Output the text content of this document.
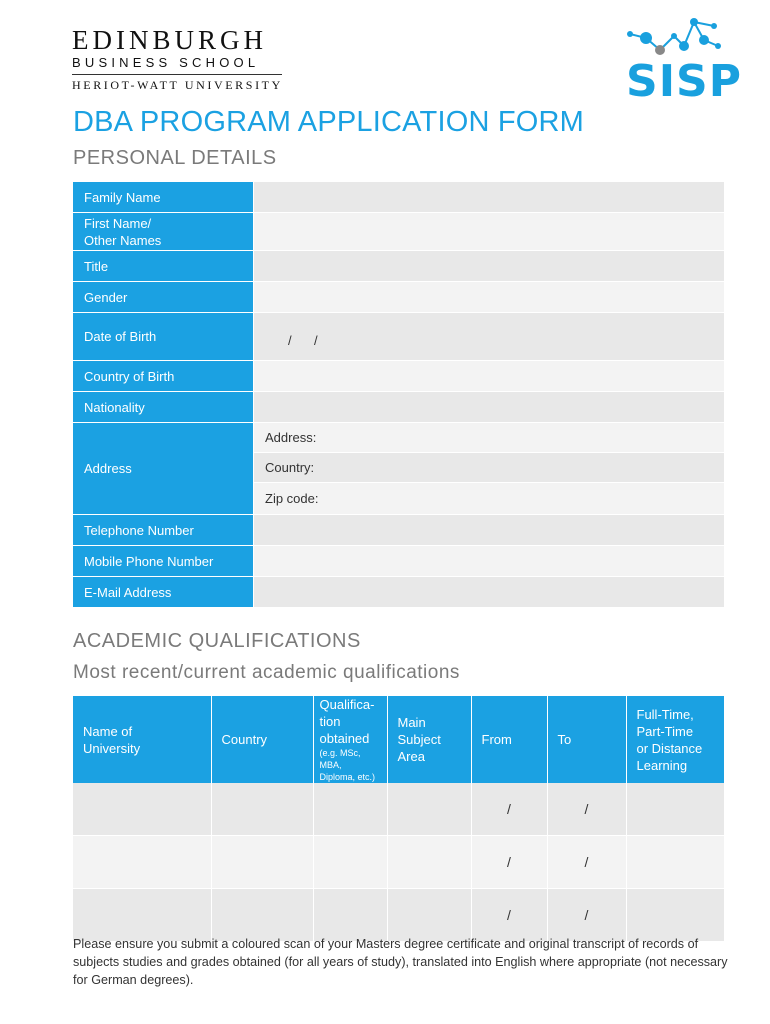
EDINBURGH
BUSINESS SCHOOL
HERIOT-WATT UNIVERSITY	SISP
DBA PROGRAM APPLICATION FORM
PERSONAL DETAILS
Family Name
First Name/
Other Names
Title
Gender
Date of Birth	/ /
Country of Birth
Nationality
Address
Address:
Country:
Zip code:
Telephone Number
Mobile Phone Number
E-Mail Address
ACADEMIC QUALIFICATIONS
Most recent/current academic qualifications
Name of
University	Country	Qualifica-
tion
obtained
(e.g. MSc, MBA,
Diploma, etc.)	Main
Subject
Area	From	To	Full-Time,
Part-Time
or Distance
Learning
				/	/	
				/	/	
				/	/	
Please ensure you submit a coloured scan of your Masters degree certificate and original transcript of records of subjects studies and grades obtained (for all years of study), translated into English where appropriate (not necessary for German degrees).
